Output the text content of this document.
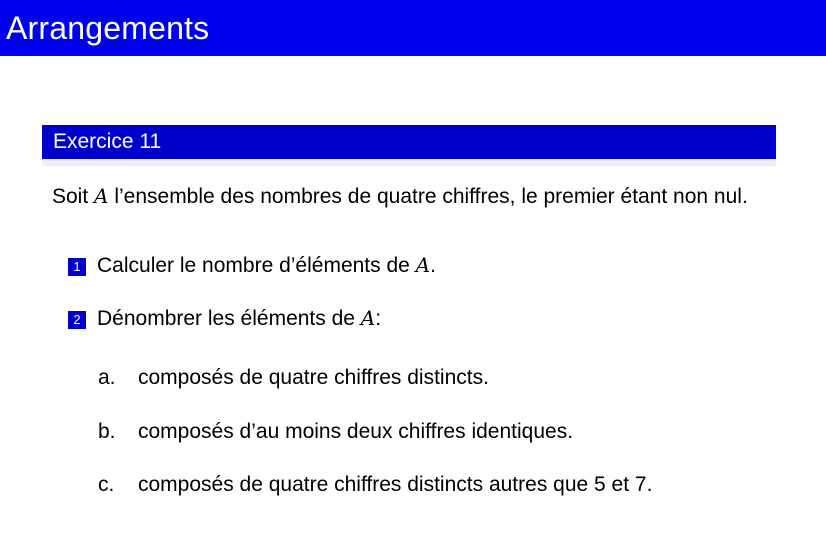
Arrangements
Exercice 11
Soit A l’ensemble des nombres de quatre chiffres, le premier étant non nul.
1 Calculer le nombre d’éléments de A.
2 Dénombrer les éléments de A:
a. composés de quatre chiffres distincts.
b. composés d’au moins deux chiffres identiques.
c. composés de quatre chiffres distincts autres que 5 et 7.
